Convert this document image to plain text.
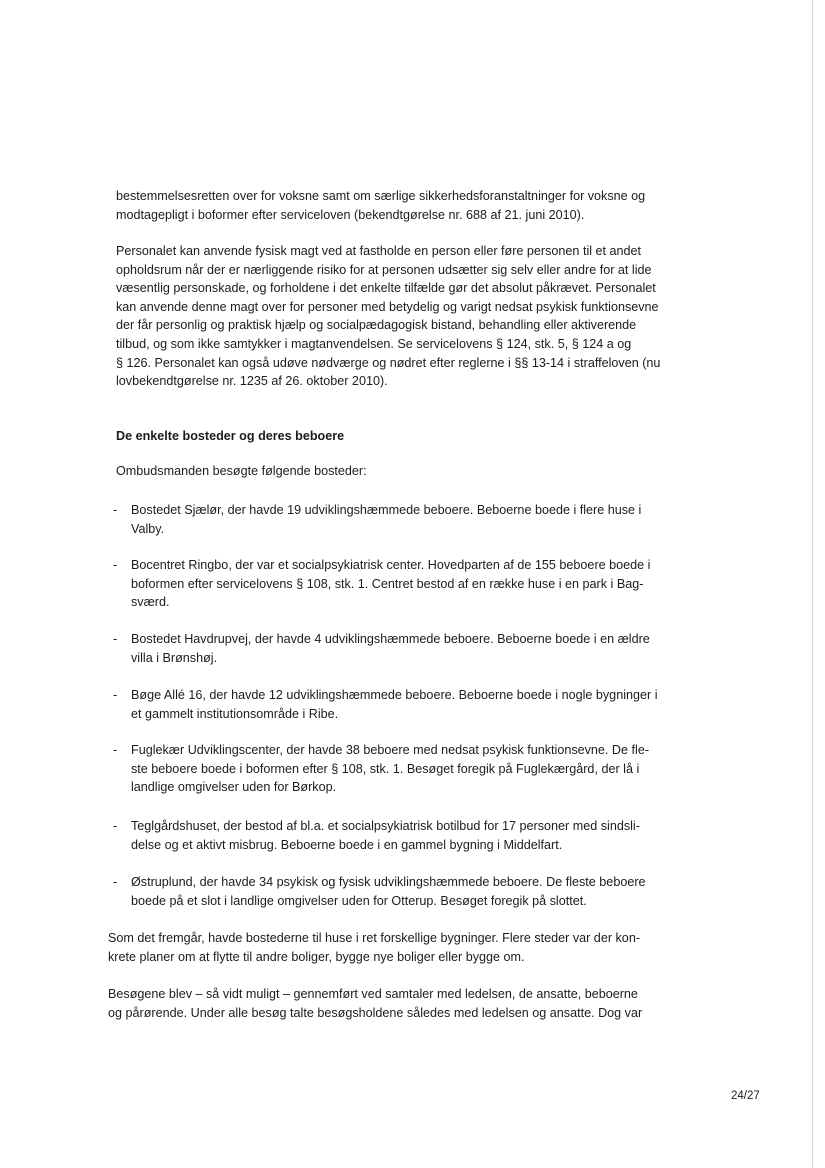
bestemmelsesretten over for voksne samt om særlige sikkerhedsforanstaltninger for voksne og
modtagepligt i boformer efter serviceloven (bekendtgørelse nr. 688 af 21. juni 2010).
Personalet kan anvende fysisk magt ved at fastholde en person eller føre personen til et andet
opholdsrum når der er nærliggende risiko for at personen udsætter sig selv eller andre for at lide
væsentlig personskade, og forholdene i det enkelte tilfælde gør det absolut påkrævet. Personalet
kan anvende denne magt over for personer med betydelig og varigt nedsat psykisk funktionsevne
der får personlig og praktisk hjælp og socialpædagogisk bistand, behandling eller aktiverende
tilbud, og som ikke samtykker i magtanvendelsen. Se servicelovens § 124, stk. 5, § 124 a og
§ 126. Personalet kan også udøve nødværge og nødret efter reglerne i §§ 13-14 i straffeloven (nu
lovbekendtgørelse nr. 1235 af 26. oktober 2010).
De enkelte bosteder og deres beboere
Ombudsmanden besøgte følgende bosteder:
- Bostedet Sjælør, der havde 19 udviklingshæmmede beboere. Beboerne boede i flere huse i
Valby.
- Bocentret Ringbo, der var et socialpsykiatrisk center. Hovedparten af de 155 beboere boede i
boformen efter servicelovens § 108, stk. 1. Centret bestod af en række huse i en park i Bag-
sværd.
- Bostedet Havdrupvej, der havde 4 udviklingshæmmede beboere. Beboerne boede i en ældre
villa i Brønshøj.
- Bøge Allé 16, der havde 12 udviklingshæmmede beboere. Beboerne boede i nogle bygninger i
et gammelt institutionsområde i Ribe.
- Fuglekær Udviklingscenter, der havde 38 beboere med nedsat psykisk funktionsevne. De fle-
ste beboere boede i boformen efter § 108, stk. 1. Besøget foregik på Fuglekærgård, der lå i
landlige omgivelser uden for Børkop.
- Teglgårdshuset, der bestod af bl.a. et socialpsykiatrisk botilbud for 17 personer med sindsli-
delse og et aktivt misbrug. Beboerne boede i en gammel bygning i Middelfart.
- Østruplund, der havde 34 psykisk og fysisk udviklingshæmmede beboere. De fleste beboere
boede på et slot i landlige omgivelser uden for Otterup. Besøget foregik på slottet.
Som det fremgår, havde bostederne til huse i ret forskellige bygninger. Flere steder var der kon-
krete planer om at flytte til andre boliger, bygge nye boliger eller bygge om.
Besøgene blev – så vidt muligt – gennemført ved samtaler med ledelsen, de ansatte, beboerne
og pårørende. Under alle besøg talte besøgsholdene således med ledelsen og ansatte. Dog var
24/27
